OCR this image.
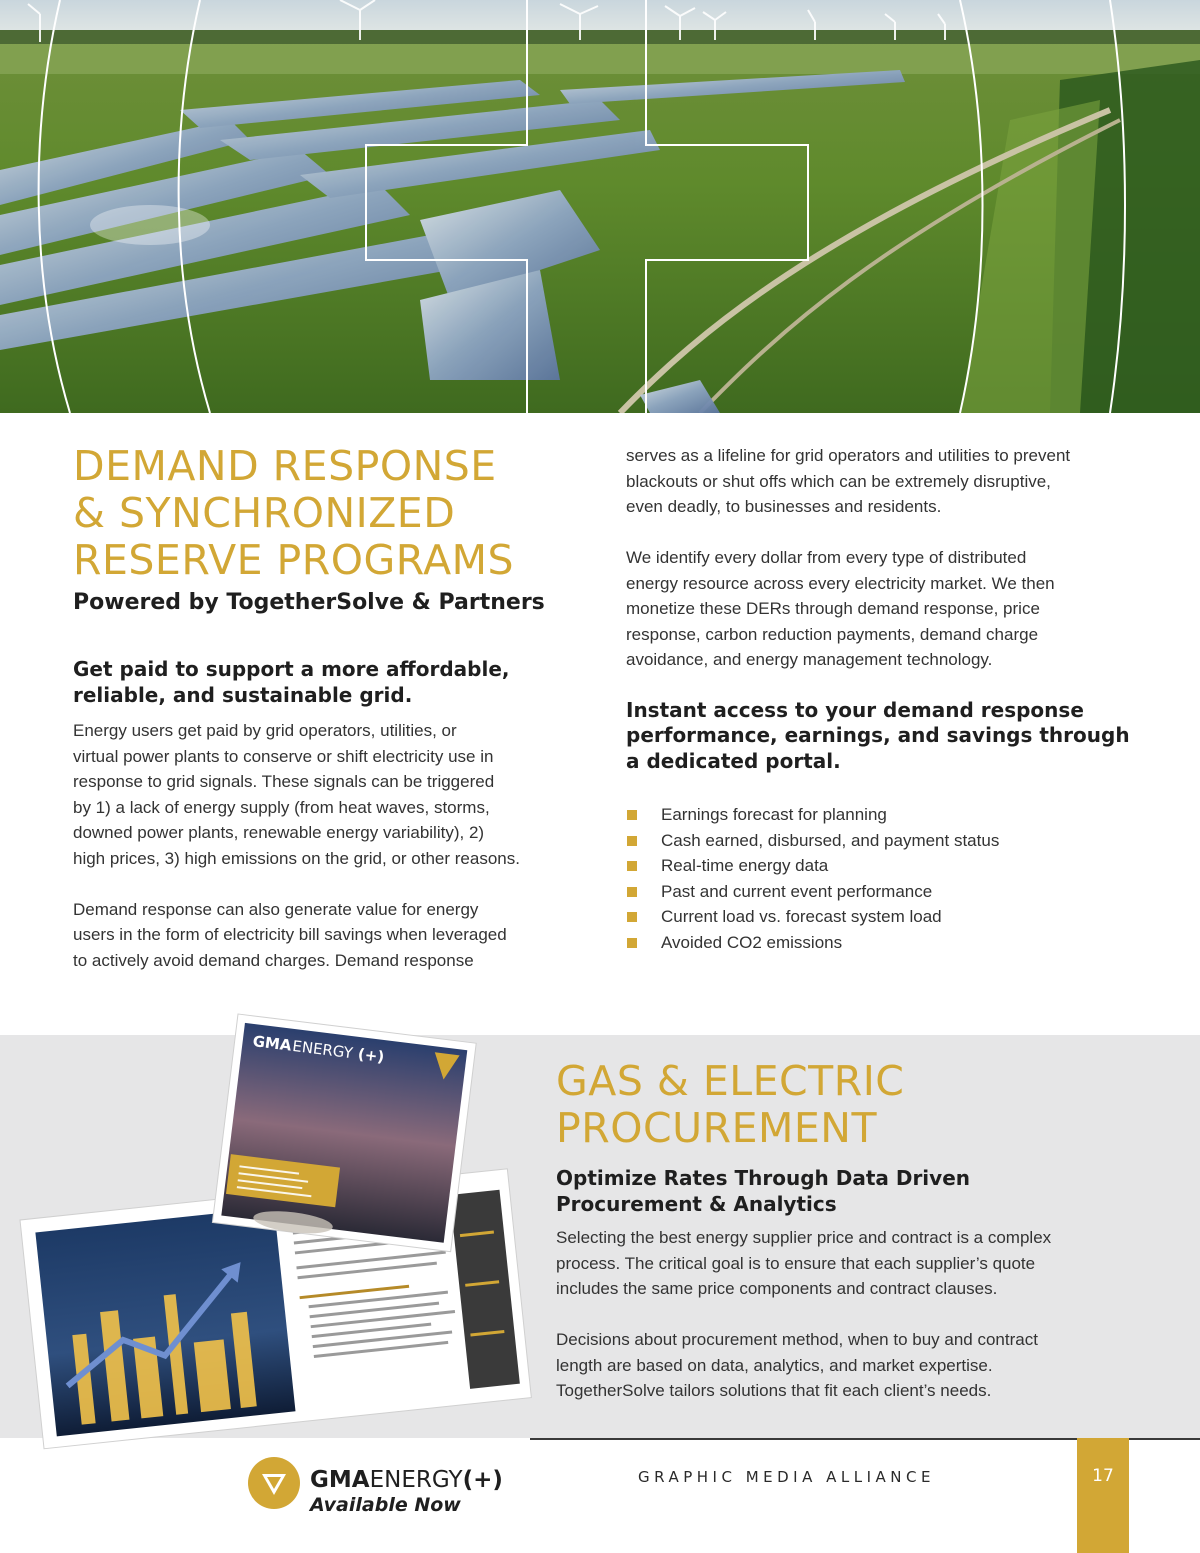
DEMAND RESPONSE
& SYNCHRONIZED
RESERVE PROGRAMS
Powered by TogetherSolve & Partners
Get paid to support a more affordable,
reliable, and sustainable grid.

Energy users get paid by grid operators, utilities, or

virtual power plants to conserve or shift electricity use in

response to grid signals. These signals can be triggered

by 1) a lack of energy supply (from heat waves, storms,

downed power plants, renewable energy variability), 2)

high prices, 3) high emissions on the grid, or other reasons.

Demand response can also generate value for energy

users in the form of electricity bill savings when leveraged

to actively avoid demand charges. Demand response

serves as a lifeline for grid operators and utilities to prevent

blackouts or shut offs which can be extremely disruptive,

even deadly, to businesses and residents.

We identify every dollar from every type of distributed

energy resource across every electricity market. We then

monetize these DERs through demand response, price

response, carbon reduction payments, demand charge

avoidance, and energy management technology.

Instant access to your demand response
performance, earnings, and savings through
a dedicated portal.
Earnings forecast for planning
Cash earned, disbursed, and payment status
Real-time energy data
Past and current event performance
Current load vs. forecast system load
Avoided CO2 emissions
GMA
ENERGY (+)
GAS & ELECTRIC
PROCUREMENT
Optimize Rates Through Data Driven
Procurement & Analytics

Selecting the best energy supplier price and contract is a complex

process. The critical goal is to ensure that each supplier’s quote

includes the same price components and contract clauses.

Decisions about procurement method, when to buy and contract

length are based on data, analytics, and market expertise.

TogetherSolve tailors solutions that fit each client’s needs.

GMAENERGY(+)
Available Now
GRAPHIC MEDIA ALLIANCE	17
